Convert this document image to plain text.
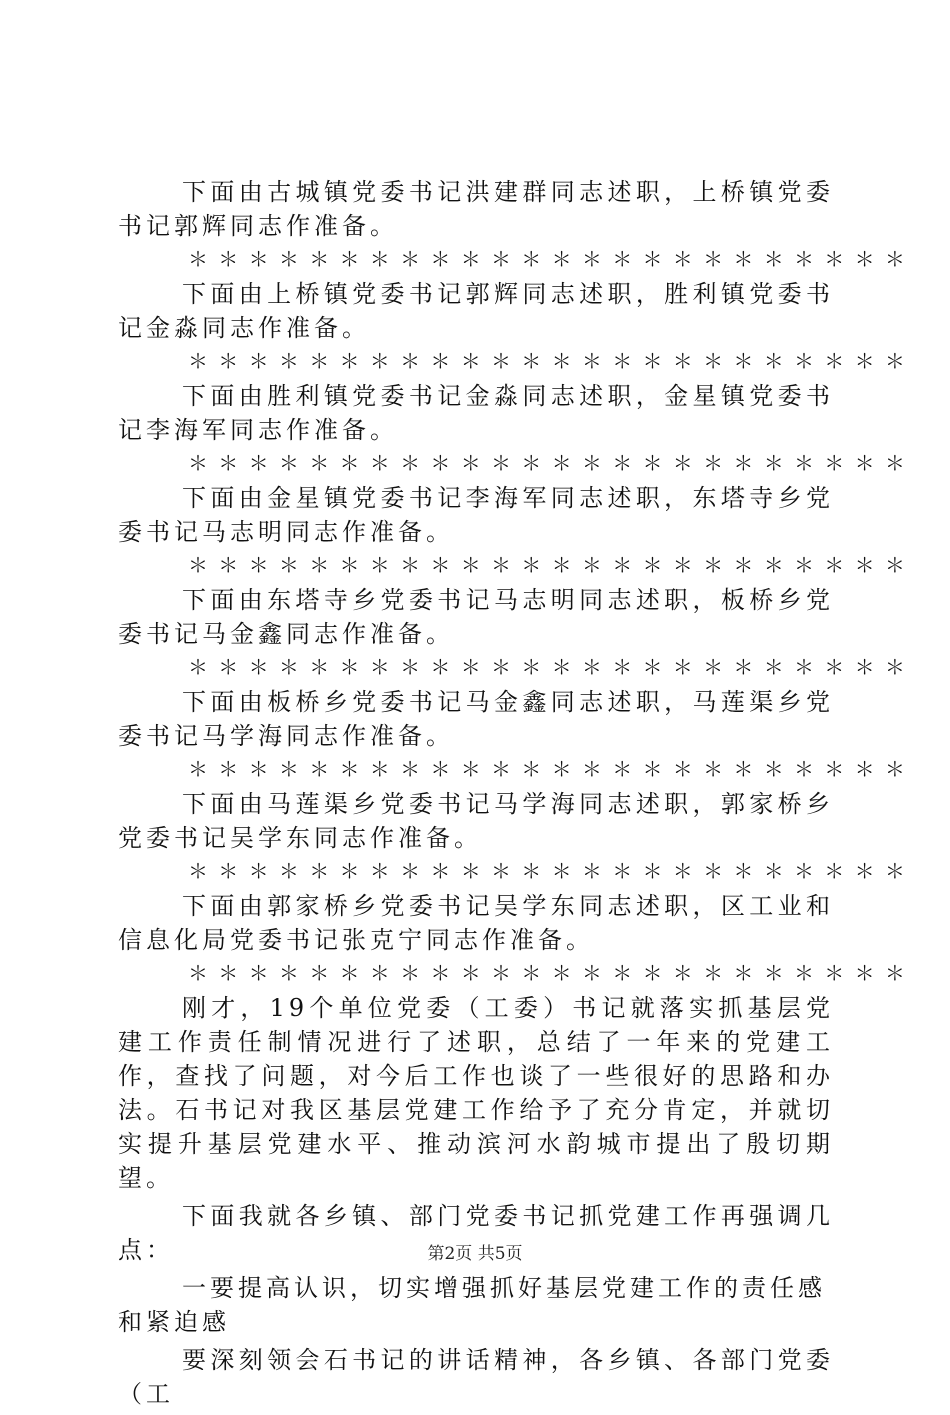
下面由古城镇党委书记洪建群同志述职，上桥镇党委书记郭辉同志作准备。

＊＊＊＊＊＊＊＊＊＊＊＊＊＊＊＊＊＊＊＊＊＊＊＊

下面由上桥镇党委书记郭辉同志述职，胜利镇党委书记金淼同志作准备。

＊＊＊＊＊＊＊＊＊＊＊＊＊＊＊＊＊＊＊＊＊＊＊＊

下面由胜利镇党委书记金淼同志述职，金星镇党委书记李海军同志作准备。

＊＊＊＊＊＊＊＊＊＊＊＊＊＊＊＊＊＊＊＊＊＊＊＊

下面由金星镇党委书记李海军同志述职，东塔寺乡党委书记马志明同志作准备。

＊＊＊＊＊＊＊＊＊＊＊＊＊＊＊＊＊＊＊＊＊＊＊＊

下面由东塔寺乡党委书记马志明同志述职，板桥乡党委书记马金鑫同志作准备。

＊＊＊＊＊＊＊＊＊＊＊＊＊＊＊＊＊＊＊＊＊＊＊＊

下面由板桥乡党委书记马金鑫同志述职，马莲渠乡党委书记马学海同志作准备。

＊＊＊＊＊＊＊＊＊＊＊＊＊＊＊＊＊＊＊＊＊＊＊＊

下面由马莲渠乡党委书记马学海同志述职，郭家桥乡党委书记吴学东同志作准备。

＊＊＊＊＊＊＊＊＊＊＊＊＊＊＊＊＊＊＊＊＊＊＊＊

下面由郭家桥乡党委书记吴学东同志述职，区工业和信息化局党委书记张克宁同志作准备。

＊＊＊＊＊＊＊＊＊＊＊＊＊＊＊＊＊＊＊＊＊＊＊＊

刚才，19个单位党委（工委）书记就落实抓基层党建工作责任制情况进行了述职，总结了一年来的党建工作，查找了问题，对今后工作也谈了一些很好的思路和办法。石书记对我区基层党建工作给予了充分肯定，并就切实提升基层党建水平、推动滨河水韵城市提出了殷切期望。

下面我就各乡镇、部门党委书记抓党建工作再强调几点：

一要提高认识，切实增强抓好基层党建工作的责任感和紧迫感

要深刻领会石书记的讲话精神，各乡镇、各部门党委（工

第2页 共5页
